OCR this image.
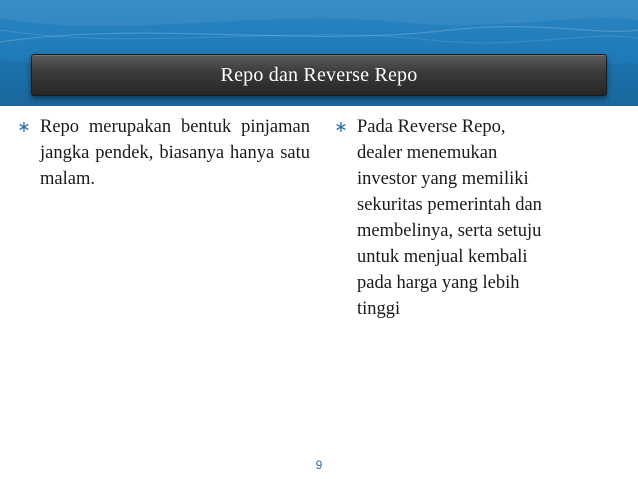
Repo dan Reverse Repo
∗ Repo merupakan bentuk pinjaman jangka pendek, biasanya hanya satu malam.
∗ Pada Reverse Repo,
dealer menemukan
investor yang memiliki
sekuritas pemerintah dan
membelinya, serta setuju
untuk menjual kembali
pada harga yang lebih
tinggi
9
